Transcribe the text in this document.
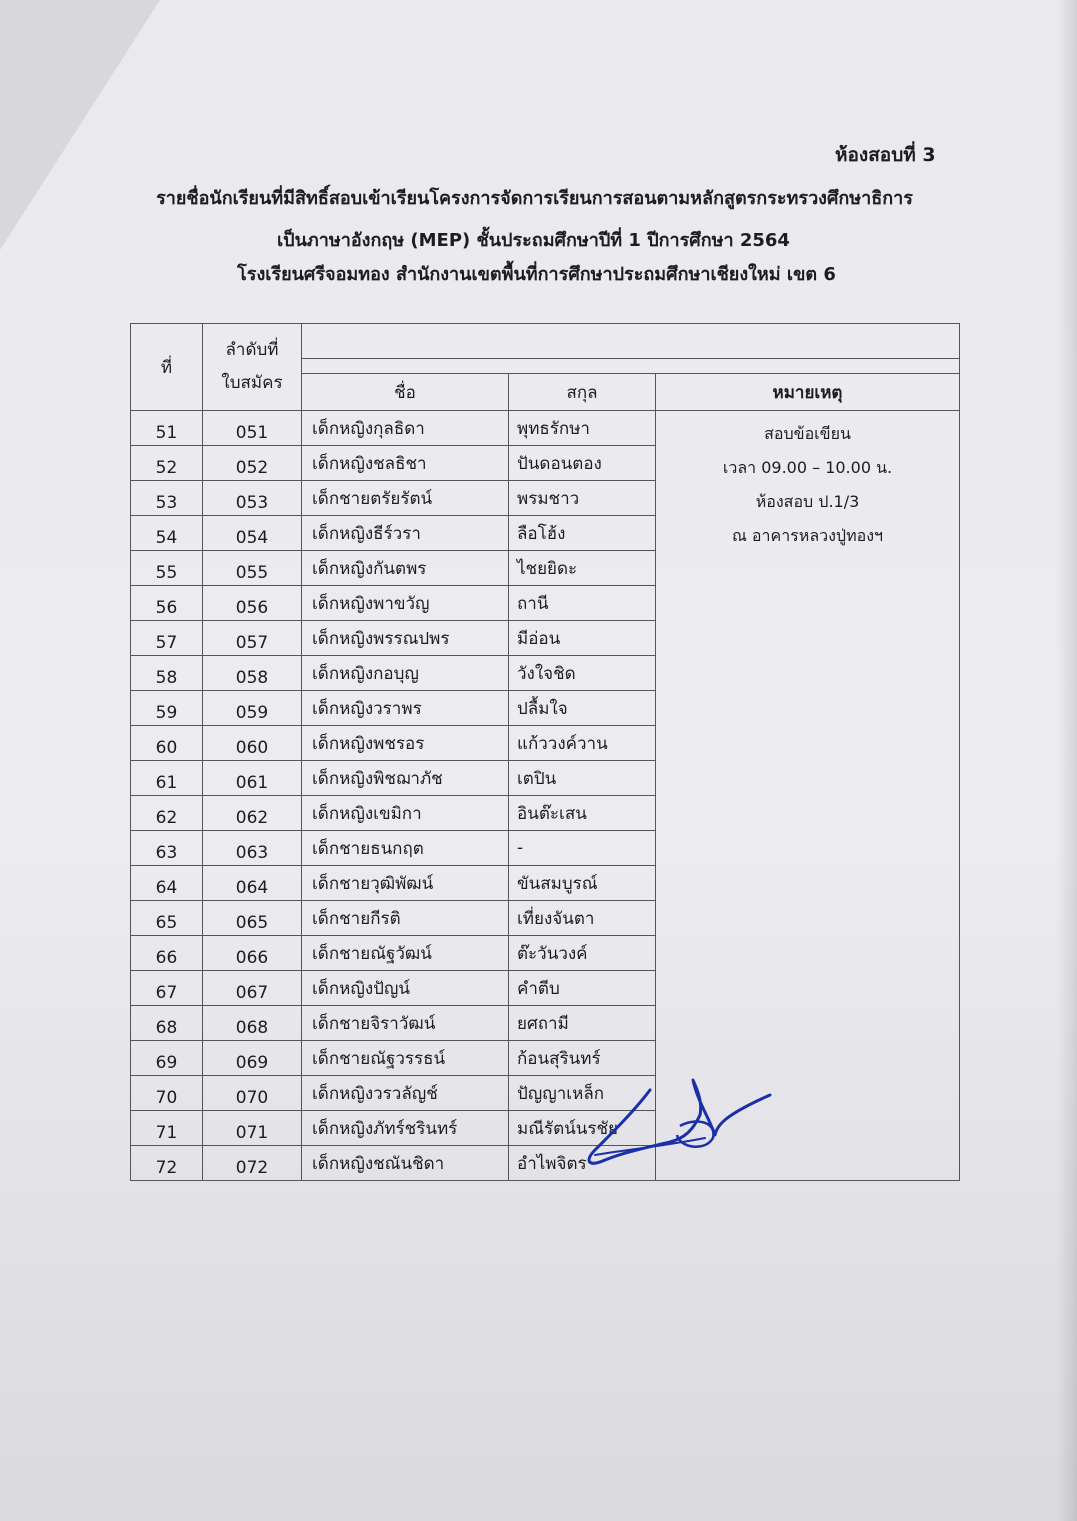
ห้องสอบที่ 3
รายชื่อนักเรียนที่มีสิทธิ์สอบเข้าเรียนโครงการจัดการเรียนการสอนตามหลักสูตรกระทรวงศึกษาธิการ
เป็นภาษาอังกฤษ (MEP) ชั้นประถมศึกษาปีที่ 1 ปีการศึกษา 2564
โรงเรียนศรีจอมทอง สำนักงานเขตพื้นที่การศึกษาประถมศึกษาเชียงใหม่ เขต 6
ที่	ลำดับที่
ใบสมัคร			

		ชื่อ	สกุล	หมายเหตุ
51	051	เด็กหญิงกุลธิดา	พุทธรักษา	สอบข้อเขียน
เวลา 09.00 – 10.00 น.
ห้องสอบ ป.1/3
ณ อาคารหลวงปู่ทองฯ

52	052	เด็กหญิงชลธิชา	ปันดอนตอง	
53	053	เด็กชายตรัยรัตน์	พรมชาว	
54	054	เด็กหญิงธีร์วรา	ลือโฮ้ง	
55	055	เด็กหญิงกันตพร	ไชยยิดะ	
56	056	เด็กหญิงพาขวัญ	ถานี	
57	057	เด็กหญิงพรรณปพร	มีอ่อน	
58	058	เด็กหญิงกอบุญ	วังใจชิด	
59	059	เด็กหญิงวราพร	ปลื้มใจ	
60	060	เด็กหญิงพชรอร	แก้ววงค์วาน	
61	061	เด็กหญิงพิชฌาภัช	เตปิน	
62	062	เด็กหญิงเขมิกา	อินต๊ะเสน	
63	063	เด็กชายธนกฤต	-	
64	064	เด็กชายวุฒิพัฒน์	ขันสมบูรณ์	
65	065	เด็กชายกีรติ	เที่ยงจันตา	
66	066	เด็กชายณัฐวัฒน์	ต๊ะวันวงค์	
67	067	เด็กหญิงปัญน์	คำตีบ	
68	068	เด็กชายจิราวัฒน์	ยศถามี	
69	069	เด็กชายณัฐวรรธน์	ก้อนสุรินทร์	
70	070	เด็กหญิงวรวลัญช์	ปัญญาเหล็ก	
71	071	เด็กหญิงภัทร์ชรินทร์	มณีรัตน์นรชัย	
72	072	เด็กหญิงชณันชิดา	อำไพจิตร	
